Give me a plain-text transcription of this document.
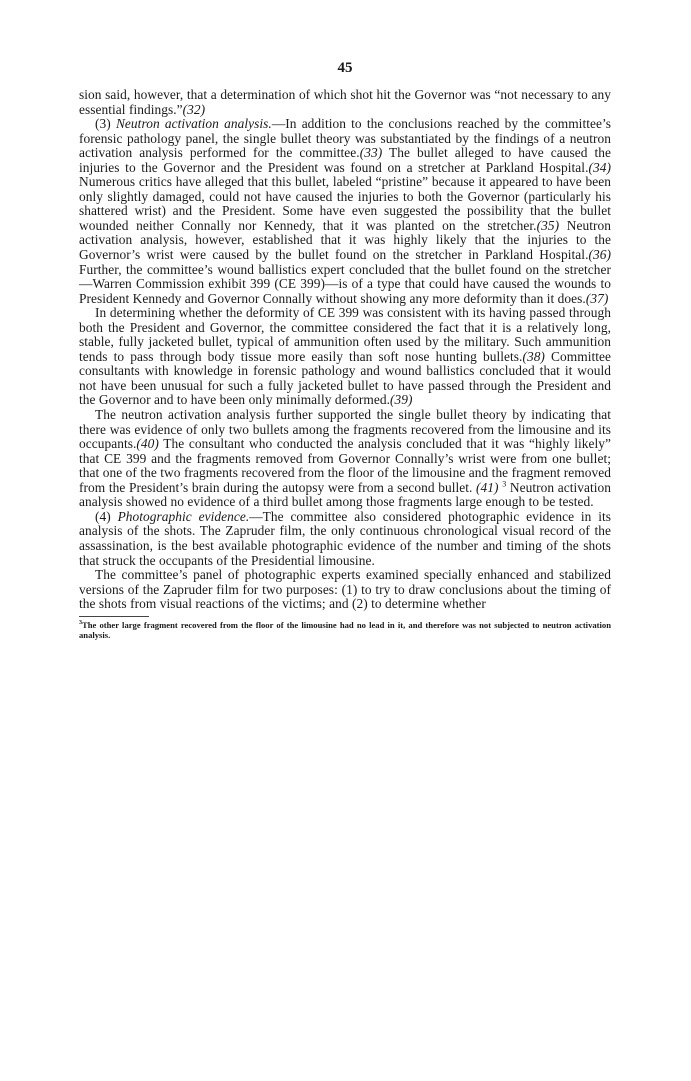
45

sion said, however, that a determination of which shot hit the Governor was “not necessary to any essential findings.”(32)

(3) Neutron activation analysis.—In addition to the conclusions reached by the committee’s forensic pathology panel, the single bullet theory was substantiated by the findings of a neutron activation analysis performed for the committee.(33) The bullet alleged to have caused the injuries to the Governor and the President was found on a stretcher at Parkland Hospital.(34) Numerous critics have alleged that this bullet, labeled “pristine” because it appeared to have been only slightly damaged, could not have caused the injuries to both the Governor (particularly his shattered wrist) and the President. Some have even suggested the possibility that the bullet wounded neither Connally nor Kennedy, that it was planted on the stretcher.(35) Neutron activation analysis, however, established that it was highly likely that the injuries to the Governor’s wrist were caused by the bullet found on the stretcher in Parkland Hospital.(36) Further, the committee’s wound ballistics expert concluded that the bullet found on the stretcher—Warren Commission exhibit 399 (CE 399)—is of a type that could have caused the wounds to President Kennedy and Governor Connally without showing any more deformity than it does.(37)

In determining whether the deformity of CE 399 was consistent with its having passed through both the President and Governor, the committee considered the fact that it is a relatively long, stable, fully jacketed bullet, typical of ammunition often used by the military. Such ammunition tends to pass through body tissue more easily than soft nose hunting bullets.(38) Committee consultants with knowledge in forensic pathology and wound ballistics concluded that it would not have been unusual for such a fully jacketed bullet to have passed through the President and the Governor and to have been only minimally deformed.(39)

The neutron activation analysis further supported the single bullet theory by indicating that there was evidence of only two bullets among the fragments recovered from the limousine and its occupants.(40) The consultant who conducted the analysis concluded that it was “highly likely” that CE 399 and the fragments removed from Governor Connally’s wrist were from one bullet; that one of the two fragments recovered from the floor of the limousine and the fragment removed from the President’s brain during the autopsy were from a second bullet. (41) $^3$ Neutron activation analysis showed no evidence of a third bullet among those fragments large enough to be tested.

(4) Photographic evidence.—The committee also considered photographic evidence in its analysis of the shots. The Zapruder film, the only continuous chronological visual record of the assassination, is the best available photographic evidence of the number and timing of the shots that struck the occupants of the Presidential limousine.

The committee’s panel of photographic experts examined specially enhanced and stabilized versions of the Zapruder film for two purposes: (1) to try to draw conclusions about the timing of the shots from visual reactions of the victims; and (2) to determine whether

$^3$The other large fragment recovered from the floor of the limousine had no lead in it, and therefore was not subjected to neutron activation analysis.
